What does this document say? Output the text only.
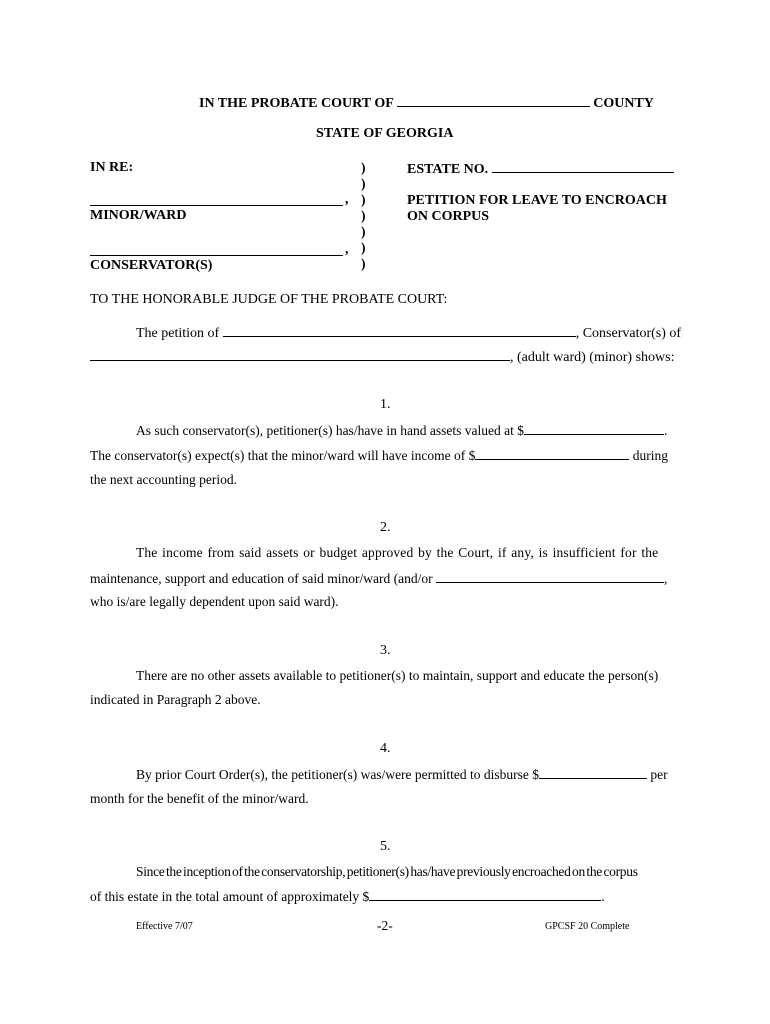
IN THE PROBATE COURT OF	COUNTY
STATE OF GEORGIA
IN RE:
,
MINOR/WARD
,
CONSERVATOR(S)
)
)
)
)
)
)
)
ESTATE NO.
PETITION FOR LEAVE TO ENCROACH
ON CORPUS
TO THE HONORABLE JUDGE OF THE PROBATE COURT:
The petition of	, Conservator(s) of
, (adult ward) (minor) shows:
1.
As such conservator(s), petitioner(s) has/have in hand assets valued at $	.
The conservator(s) expect(s) that the minor/ward will have income of $	during
the next accounting period.
2.
The income from said assets or budget approved by the Court, if any, is insufficient for the
maintenance, support and education of said minor/ward (and/or	,
who is/are legally dependent upon said ward).
3.
There are no other assets available to petitioner(s) to maintain, support and educate the person(s)
indicated in Paragraph 2 above.
4.
By prior Court Order(s), the petitioner(s) was/were permitted to disburse $	per
month for the benefit of the minor/ward.
5.
Since the inception of the conservatorship, petitioner(s) has/have previously encroached on the corpus
of this estate in the total amount of approximately $	.
Effective 7/07	-2-	GPCSF 20 Complete
